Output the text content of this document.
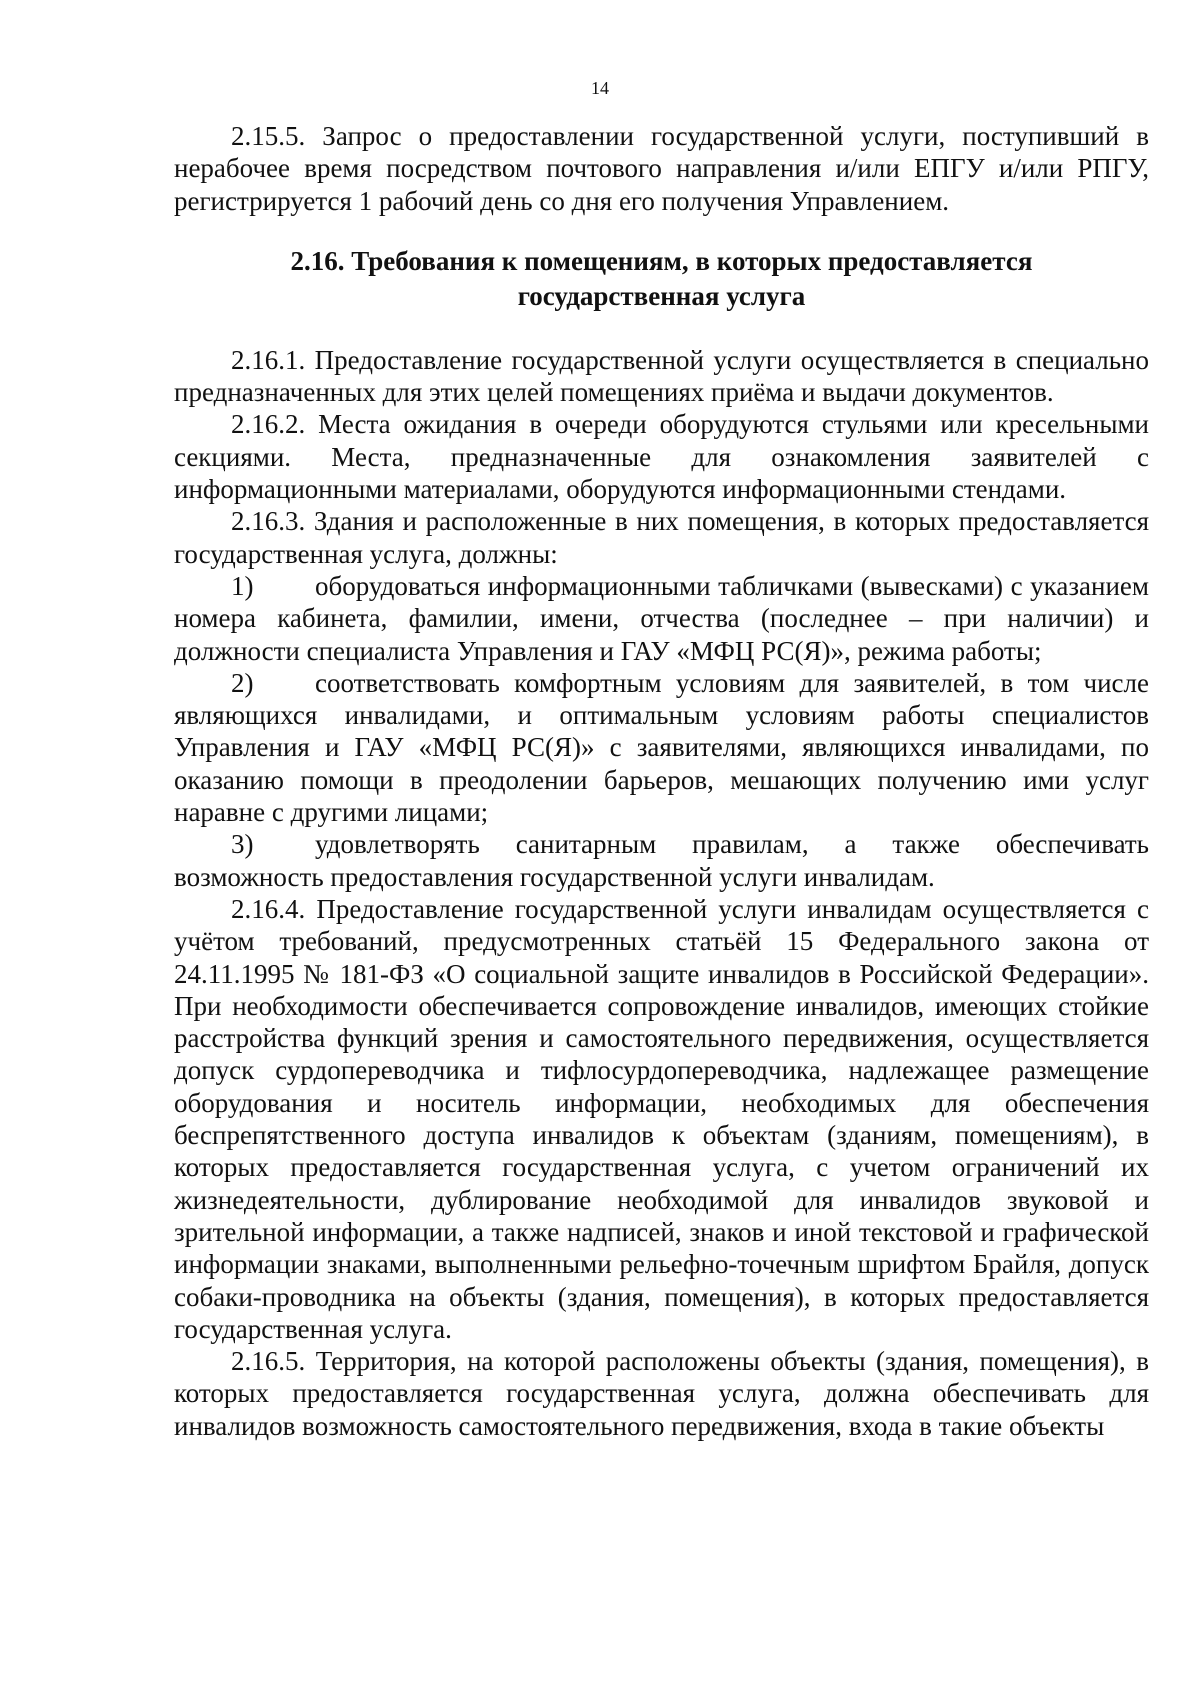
14

2.15.5. Запрос о предоставлении государственной услуги, поступивший в нерабочее время посредством почтового направления и/или ЕПГУ и/или РПГУ, регистрируется 1 рабочий день со дня его получения Управлением.

2.16. Требования к помещениям, в которых предоставляется
государственная услуга

2.16.1. Предоставление государственной услуги осуществляется в специально предназначенных для этих целей помещениях приёма и выдачи документов.

2.16.2. Места ожидания в очереди оборудуются стульями или кресельными секциями. Места, предназначенные для ознакомления заявителей с информационными материалами, оборудуются информационными стендами.

2.16.3. Здания и расположенные в них помещения, в которых предоставляется государственная услуга, должны:

1) оборудоваться информационными табличками (вывесками) с указанием номера кабинета, фамилии, имени, отчества (последнее – при наличии) и должности специалиста Управления и ГАУ «МФЦ РС(Я)», режима работы;

2) соответствовать комфортным условиям для заявителей, в том числе являющихся инвалидами, и оптимальным условиям работы специалистов Управления и ГАУ «МФЦ РС(Я)» с заявителями, являющихся инвалидами, по оказанию помощи в преодолении барьеров, мешающих получению ими услуг наравне с другими лицами;

3) удовлетворять санитарным правилам, а также обеспечивать возможность предоставления государственной услуги инвалидам.

2.16.4. Предоставление государственной услуги инвалидам осуществляется с учётом требований, предусмотренных статьёй 15 Федерального закона от 24.11.1995 № 181-ФЗ «О социальной защите инвалидов в Российской Федерации». При необходимости обеспечивается сопровождение инвалидов, имеющих стойкие расстройства функций зрения и самостоятельного передвижения, осуществляется допуск сурдопереводчика и тифлосурдопереводчика, надлежащее размещение оборудования и носитель информации, необходимых для обеспечения беспрепятственного доступа инвалидов к объектам (зданиям, помещениям), в которых предоставляется государственная услуга, с учетом ограничений их жизнедеятельности, дублирование необходимой для инвалидов звуковой и зрительной информации, а также надписей, знаков и иной текстовой и графической информации знаками, выполненными рельефно-точечным шрифтом Брайля, допуск собаки-проводника на объекты (здания, помещения), в которых предоставляется государственная услуга.

2.16.5. Территория, на которой расположены объекты (здания, помещения), в которых предоставляется государственная услуга, должна обеспечивать для инвалидов возможность самостоятельного передвижения, входа в такие объекты
